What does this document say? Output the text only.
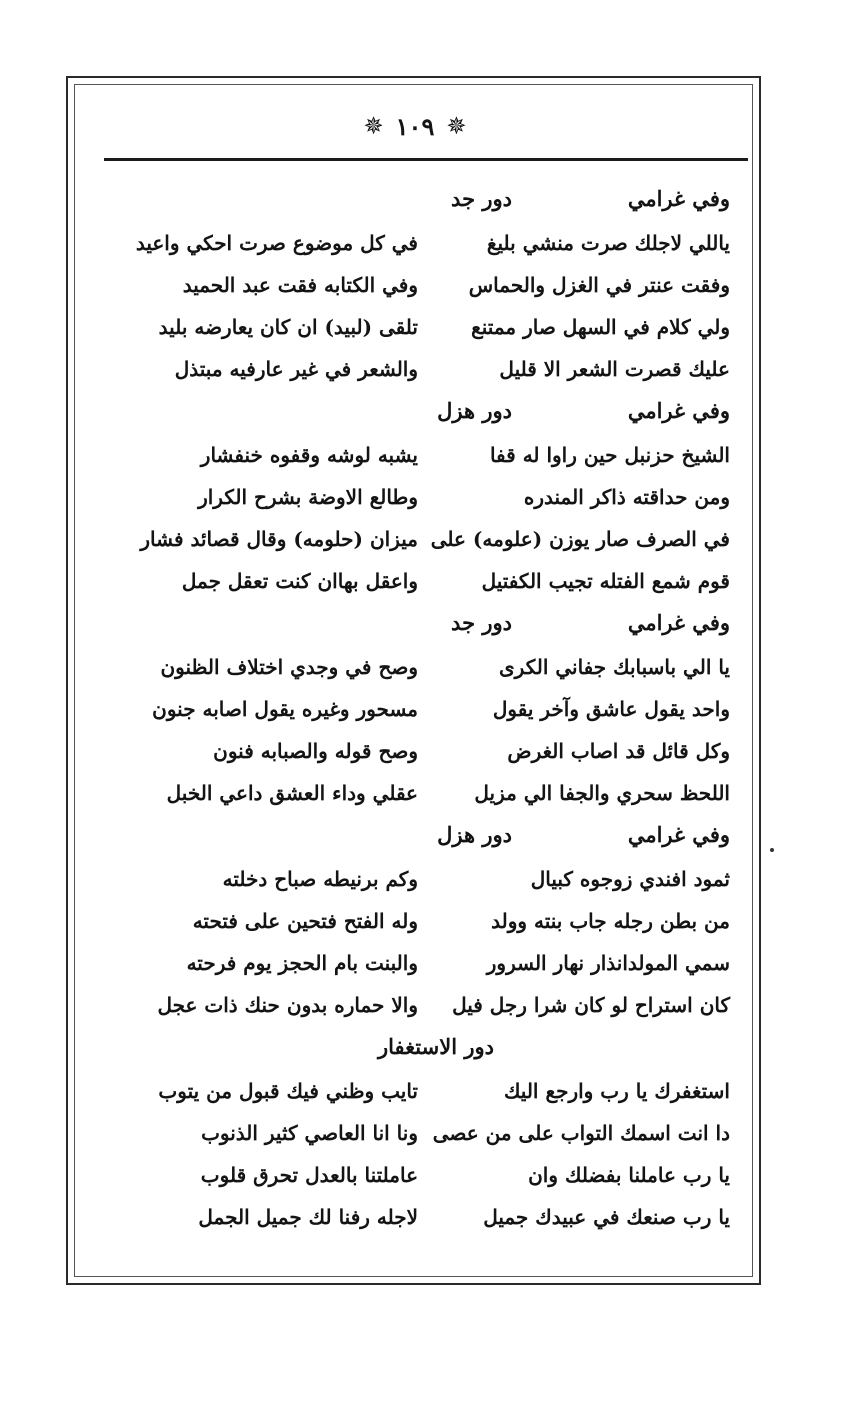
✵ ١٠٩ ✵
وفي غرامي
دور جد
ياللي لاجلك صرت منشي بليغ
في كل موضوع صرت احكي واعيد
وفقت عنتر في الغزل والحماس
وفي الكتابه فقت عبد الحميد
ولي كلام في السهل صار ممتنع
تلقى (لبيد) ان كان يعارضه بليد
عليك قصرت الشعر الا قليل
والشعر في غير عارفيه مبتذل
وفي غرامي
دور هزل
الشيخ حزنبل حين راوا له قفا
يشبه لوشه وقفوه خنفشار
ومن حداقته ذاكر المندره
وطالع الاوضة بشرح الكرار
في الصرف صار يوزن (علومه) على
ميزان (حلومه) وقال قصائد فشار
قوم شمع الفتله تجيب الكفتيل
واعقل بهاان كنت تعقل جمل
وفي غرامي
دور جد
يا الي باسبابك جفاني الكرى
وصح في وجدي اختلاف الظنون
واحد يقول عاشق وآخر يقول
مسحور وغيره يقول اصابه جنون
وكل قائل قد اصاب الغرض
وصح قوله والصبابه فنون
اللحظ سحري والجفا الي مزيل
عقلي وداء العشق داعي الخبل
وفي غرامي
دور هزل
ثمود افندي زوجوه كبيال
وكم برنيطه صباح دخلته
من بطن رجله جاب بنته وولد
وله الفتح فتحين على فتحته
سمي المولدانذار نهار السرور
والبنت بام الحجز يوم فرحته
كان استراح لو كان شرا رجل فيل
والا حماره بدون حنك ذات عجل
دور الاستغفار
استغفرك يا رب وارجع اليك
تايب وظني فيك قبول من يتوب
دا انت اسمك التواب على من عصى
ونا انا العاصي كثير الذنوب
يا رب عاملنا بفضلك وان
عاملتنا بالعدل تحرق قلوب
يا رب صنعك في عبيدك جميل
لاجله رفنا لك جميل الجمل
